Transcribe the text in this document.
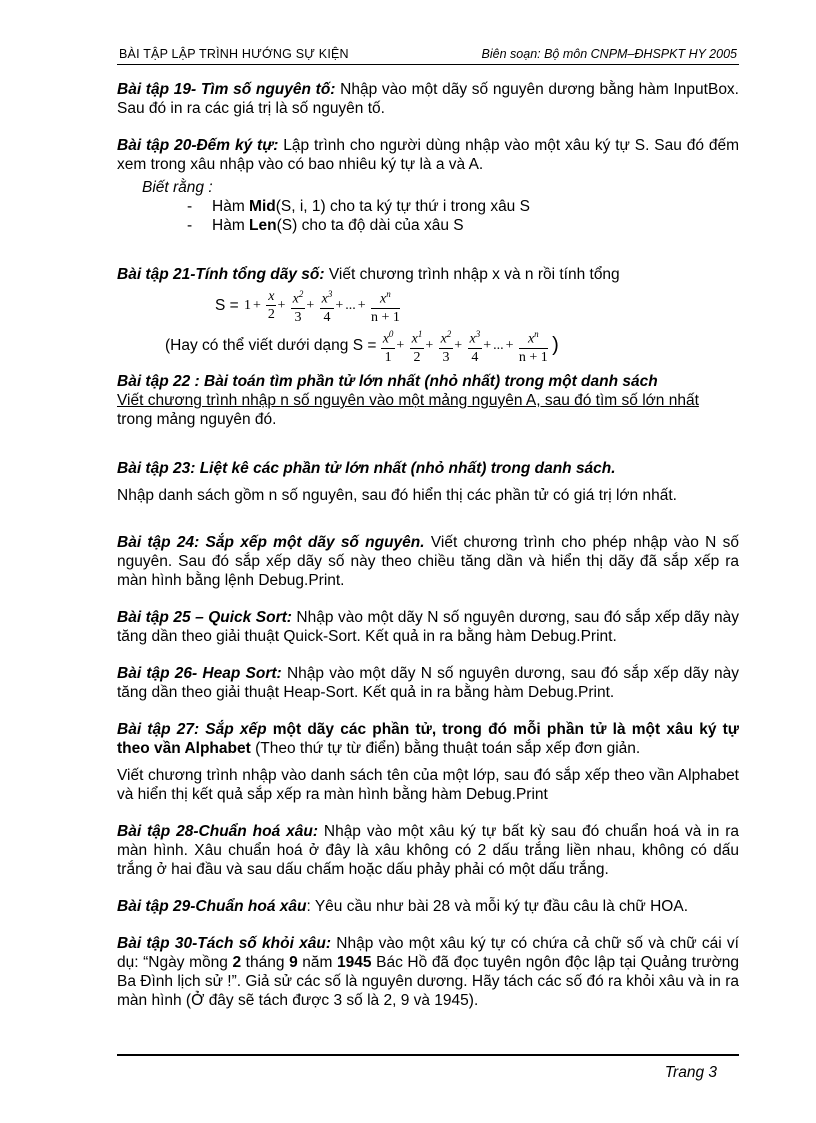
BÀI TẬP LẬP TRÌNH HƯỚNG SỰ KIỆN	Biên soạn: Bộ môn CNPM–ĐHSPKT HY 2005

Bài tập 19- Tìm số nguyên tố: Nhập vào một dãy số nguyên dương bằng hàm InputBox. Sau đó in ra các giá trị là số nguyên tố.

Bài tập 20-Đếm ký tự: Lập trình cho người dùng nhập vào một xâu ký tự S. Sau đó đếm xem trong xâu nhập vào có bao nhiêu ký tự là a và A.

Biết rằng :
- Hàm Mid(S, i, 1) cho ta ký tự thứ i trong xâu S
- Hàm Len(S) cho ta độ dài của xâu S

Bài tập 21-Tính tổng dãy số: Viết chương trình nhập x và n rồi tính tổng

$S = 1 + \frac{x}{2} + \frac{x^2}{3} + \frac{x^3}{4}$ + ... + $\frac{x^n}{n + 1}$
(Hay có thể viết dưới dạng $S = \frac{x^0}{1} + \frac{x^1}{2} + \frac{x^2}{3} + \frac{x^3}{4}$ + ... + $\frac{x^n}{n + 1}$ )
Bài tập 22 : Bài toán tìm phần tử lớn nhất (nhỏ nhất) trong một danh sách
Viết chương trình nhập n số nguyên vào một mảng nguyên A, sau đó tìm số lớn nhất
trong mảng nguyên đó.
Bài tập 23: Liệt kê các phần tử lớn nhất (nhỏ nhất) trong danh sách.
Nhập danh sách gồm n số nguyên, sau đó hiển thị các phần tử có giá trị lớn nhất.

Bài tập 24: Sắp xếp một dãy số nguyên. Viết chương trình cho phép nhập vào N số nguyên. Sau đó sắp xếp dãy số này theo chiều tăng dần và hiển thị dãy đã sắp xếp ra màn hình bằng lệnh Debug.Print.

Bài tập 25 – Quick Sort: Nhập vào một dãy N số nguyên dương, sau đó sắp xếp dãy này tăng dần theo giải thuật Quick-Sort. Kết quả in ra bằng hàm Debug.Print.

Bài tập 26- Heap Sort: Nhập vào một dãy N số nguyên dương, sau đó sắp xếp dãy này tăng dần theo giải thuật Heap-Sort. Kết quả in ra bằng hàm Debug.Print.

Bài tập 27: Sắp xếp một dãy các phần tử, trong đó mỗi phần tử là một xâu ký tự theo vần Alphabet (Theo thứ tự từ điển) bằng thuật toán sắp xếp đơn giản.

Viết chương trình nhập vào danh sách tên của một lớp, sau đó sắp xếp theo vần Alphabet và hiển thị kết quả sắp xếp ra màn hình bằng hàm Debug.Print

Bài tập 28-Chuẩn hoá xâu: Nhập vào một xâu ký tự bất kỳ sau đó chuẩn hoá và in ra màn hình. Xâu chuẩn hoá ở đây là xâu không có 2 dấu trắng liền nhau, không có dấu trắng ở hai đầu và sau dấu chấm hoặc dấu phảy phải có một dấu trắng.

Bài tập 29-Chuẩn hoá xâu: Yêu cầu như bài 28 và mỗi ký tự đầu câu là chữ HOA.

Bài tập 30-Tách số khỏi xâu: Nhập vào một xâu ký tự có chứa cả chữ số và chữ cái ví dụ: “Ngày mồng 2 tháng 9 năm 1945 Bác Hồ đã đọc tuyên ngôn độc lập tại Quảng trường Ba Đình lịch sử !”. Giả sử các số là nguyên dương. Hãy tách các số đó ra khỏi xâu và in ra màn hình (Ở đây sẽ tách được 3 số là 2, 9 và 1945).

Trang 3
